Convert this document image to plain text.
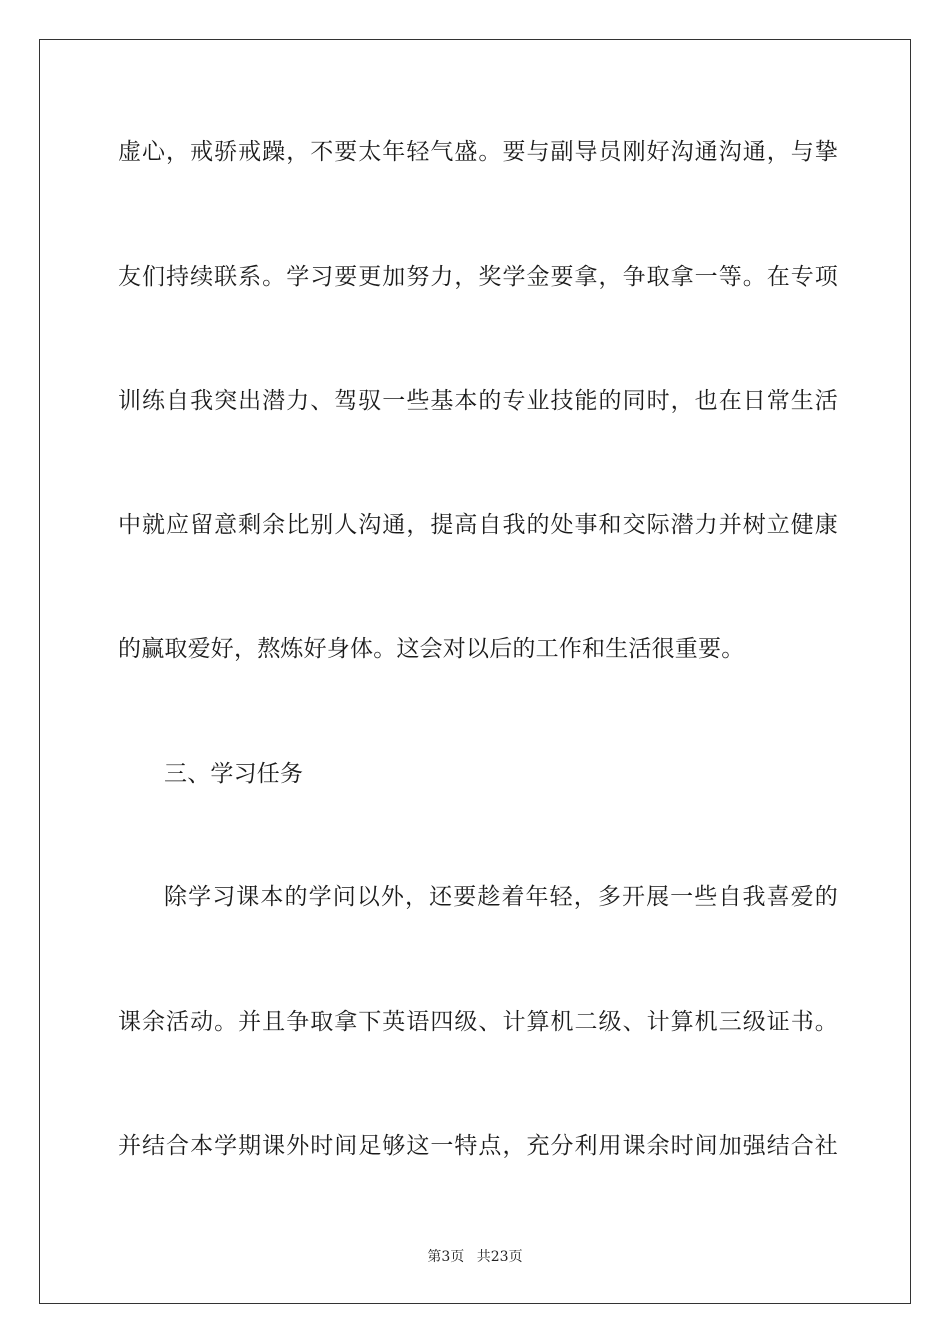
虚心，戒骄戒躁，不要太年轻气盛。要与副导员刚好沟通沟通，与挚
友们持续联系。学习要更加努力，奖学金要拿，争取拿一等。在专项
训练自我突出潜力、驾驭一些基本的专业技能的同时，也在日常生活
中就应留意剩余比别人沟通，提高自我的处事和交际潜力并树立健康
的赢取爱好，熬炼好身体。这会对以后的工作和生活很重要。
三、学习任务
除学习课本的学问以外，还要趁着年轻，多开展一些自我喜爱的
课余活动。并且争取拿下英语四级、计算机二级、计算机三级证书。
并结合本学期课外时间足够这一特点，充分利用课余时间加强结合社
第3页 共23页
